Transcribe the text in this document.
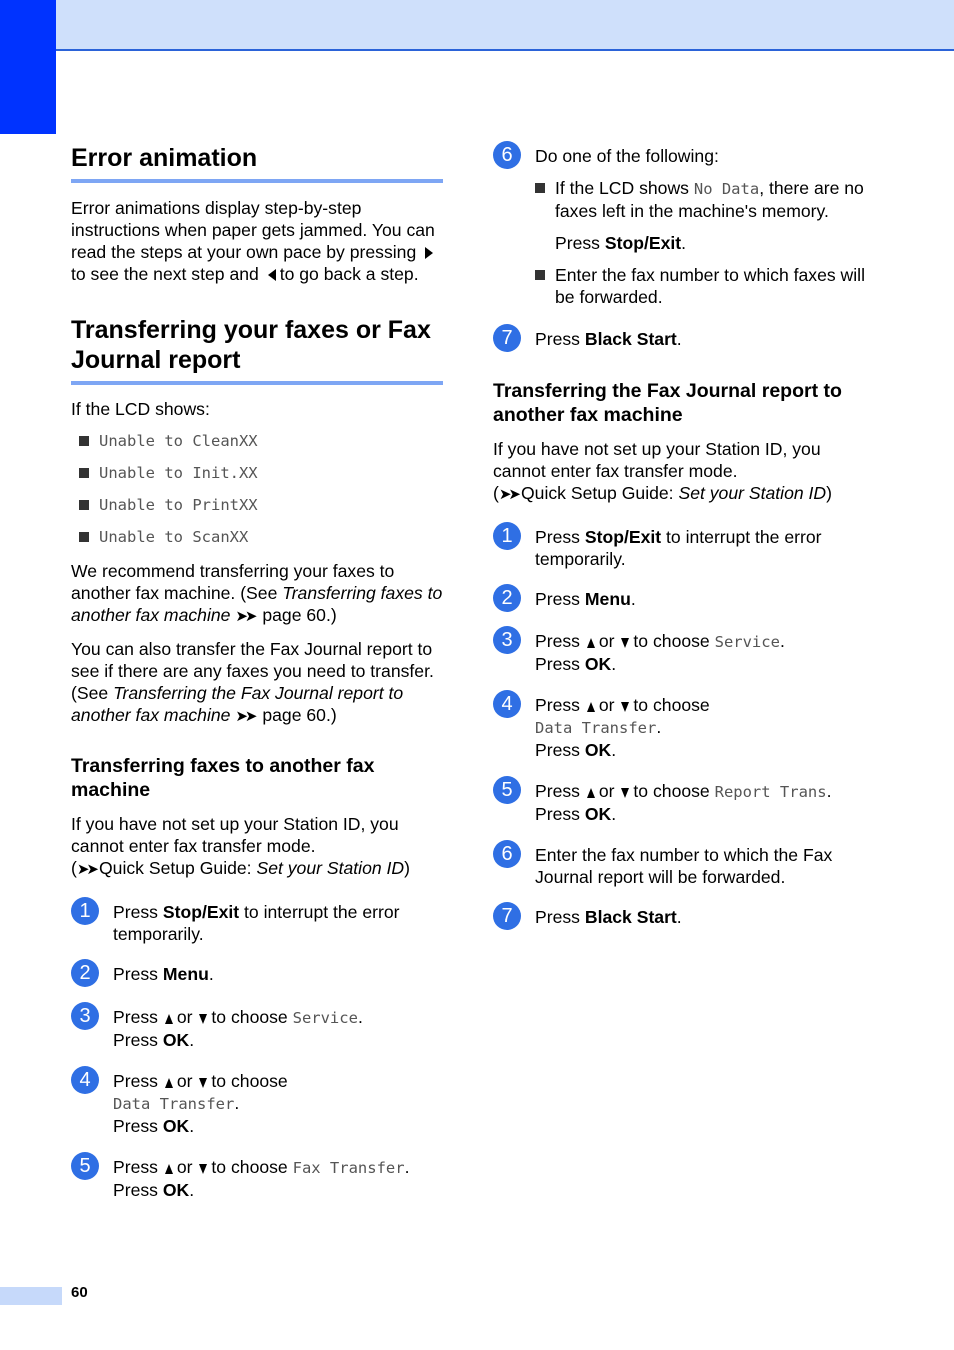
Error animation

Error animations display step-by-step instructions when paper gets jammed. You can read the steps at your own pace by pressing to see the next step and to go back a step.

Transferring your faxes or Fax Journal report

If the LCD shows:

Unable to CleanXX
Unable to Init.XX
Unable to PrintXX
Unable to ScanXX

We recommend transferring your faxes to another fax machine. (See Transferring faxes to another fax machine ➤➤ page 60.)

You can also transfer the Fax Journal report to see if there are any faxes you need to transfer. (See Transferring the Fax Journal report to another fax machine ➤➤ page 60.)

Transferring faxes to another fax machine

If you have not set up your Station ID, you cannot enter fax transfer mode.
(➤➤ Quick Setup Guide: Set your Station ID)

1	Press Stop/Exit to interrupt the error temporarily.
2	Press Menu.
3	Press or to choose Service.
Press OK.
4	Press or to choose
Data Transfer.
Press OK.
5	Press or to choose Fax Transfer.
Press OK.
6	Do one of the following:

If the LCD shows No Data, there are no faxes left in the machine's memory.

Press Stop/Exit.

Enter the fax number to which faxes will be forwarded.
7	Press Black Start.
Transferring the Fax Journal report to another fax machine

If you have not set up your Station ID, you cannot enter fax transfer mode.
(➤➤ Quick Setup Guide: Set your Station ID)

1	Press Stop/Exit to interrupt the error temporarily.
2	Press Menu.
3	Press or to choose Service.
Press OK.
4	Press or to choose
Data Transfer.
Press OK.
5	Press or to choose Report Trans.
Press OK.
6	Enter the fax number to which the Fax Journal report will be forwarded.
7	Press Black Start.
60
